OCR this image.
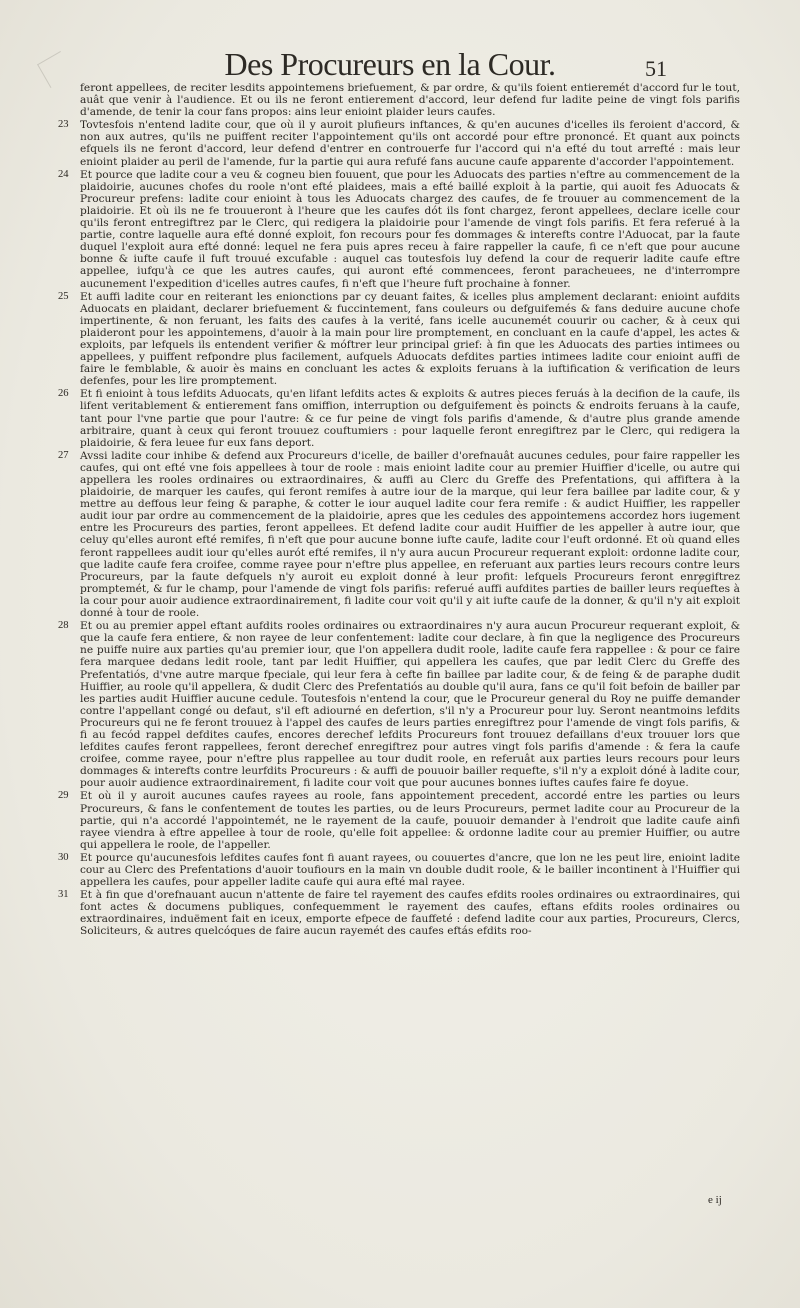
Des Procureurs en la Cour.	51

feront appellees, de reciter lesdits appointemens briefuement, & par ordre, & qu'ils foient entieremét d'accord fur le tout, auât que venir à l'audience. Et ou ils ne feront entierement d'accord, leur defend fur ladite peine de vingt fols parifis d'amende, de tenir la cour fans propos: ains leur enioint plaider leurs caufes.

23 Tovtesfois n'entend ladite cour, que où il y auroit plufieurs inftances, & qu'en aucunes d'icelles ils feroient d'accord, & non aux autres, qu'ils ne puiffent reciter l'appointement qu'ils ont accordé pour eftre prononcé. Et quant aux poincts efquels ils ne feront d'accord, leur defend d'entrer en controuerfe fur l'accord qui n'a efté du tout arrefté : mais leur enioint plaider au peril de l'amende, fur la partie qui aura refufé fans aucune caufe apparente d'accorder l'appointement.

24 Et pource que ladite cour a veu & cogneu bien fouuent, que pour les Aduocats des parties n'eftre au commencement de la plaidoirie, aucunes chofes du roole n'ont efté plaidees, mais a efté baillé exploit à la partie, qui auoit fes Aduocats & Procureur prefens: ladite cour enioint à tous les Aduocats chargez des caufes, de fe trouuer au commencement de la plaidoirie. Et où ils ne fe trouueront à l'heure que les caufes dót ils font chargez, feront appellees, declare icelle cour qu'ils feront entregiftrez par le Clerc, qui redigera la plaidoirie pour l'amende de vingt fols parifis. Et fera referué à la partie, contre laquelle aura efté donné exploit, fon recours pour fes dommages & interefts contre l'Aduocat, par la faute duquel l'exploit aura efté donné: lequel ne fera puis apres receu à faire rappeller la caufe, fi ce n'eft que pour aucune bonne & iufte caufe il fuft trouué excufable : auquel cas toutesfois luy defend la cour de requerir ladite caufe eftre appellee, iufqu'à ce que les autres caufes, qui auront efté commencees, feront paracheuees, ne d'interrompre aucunement l'expedition d'icelles autres caufes, fi n'eft que l'heure fuft prochaine à fonner.

25 Et auffi ladite cour en reiterant les enionctions par cy deuant faites, & icelles plus amplement declarant: enioint aufdits Aduocats en plaidant, declarer briefuement & fuccintement, fans couleurs ou defguifemés & fans deduire aucune chofe impertinente, & non feruant, les faits des caufes à la verité, fans icelle aucunemét couurir ou cacher, & à ceux qui plaideront pour les appointemens, d'auoir à la main pour lire promptement, en concluant en la caufe d'appel, les actes & exploits, par lefquels ils entendent verifier & móftrer leur principal grief: à fin que les Aduocats des parties intimees ou appellees, y puiffent refpondre plus facilement, aufquels Aduocats defdites parties intimees ladite cour enioint auffi de faire le femblable, & auoir ès mains en concluant les actes & exploits feruans à la iuftification & verification de leurs defenfes, pour les lire promptement.

26 Et fi enioint à tous lefdits Aduocats, qu'en lifant lefdits actes & exploits & autres pieces feruás à la decifion de la caufe, ils lifent veritablement & entierement fans omiffion, interruption ou defguifement ès poincts & endroits feruans à la caufe, tant pour l'vne partie que pour l'autre: & ce fur peine de vingt fols parifis d'amende, & d'autre plus grande amende arbitraire, quant à ceux qui feront trouuez couftumiers : pour laquelle feront enregiftrez par le Clerc, qui redigera la plaidoirie, & fera leuee fur eux fans deport.

27 Avssi ladite cour inhibe & defend aux Procureurs d'icelle, de bailler d'orefnauât aucunes cedules, pour faire rappeller les caufes, qui ont efté vne fois appellees à tour de roole : mais enioint ladite cour au premier Huiffier d'icelle, ou autre qui appellera les rooles ordinaires ou extraordinaires, & auffi au Clerc du Greffe des Prefentations, qui affiftera à la plaidoirie, de marquer les caufes, qui feront remifes à autre iour de la marque, qui leur fera baillee par ladite cour, & y mettre au deffous leur feing & paraphe, & cotter le iour auquel ladite cour fera remife : & audict Huiffier, les rappeller audit iour par ordre au commencement de la plaidoirie, apres que les cedules des appointemens accordez hors iugement entre les Procureurs des parties, feront appellees. Et defend ladite cour audit Huiffier de les appeller à autre iour, que celuy qu'elles auront efté remifes, fi n'eft que pour aucune bonne iufte caufe, ladite cour l'euft ordonné. Et où quand elles feront rappellees audit iour qu'elles aurót efté remifes, il n'y aura aucun Procureur requerant exploit: ordonne ladite cour, que ladite caufe fera croifee, comme rayee pour n'eftre plus appellee, en referuant aux parties leurs recours contre leurs Procureurs, par la faute defquels n'y auroit eu exploit donné à leur profit: lefquels Procureurs feront enregiftrez promptemét, & fur le champ, pour l'amende de vingt fols parifis: referué auffi aufdites parties de bailler leurs requeftes à la cour pour auoir audience extraordinairement, fi ladite cour voit qu'il y ait iufte caufe de la donner, & qu'il n'y ait exploit donné à tour de roole.

28 Et ou au premier appel eftant aufdits rooles ordinaires ou extraordinaires n'y aura aucun Procureur requerant exploit, & que la caufe fera entiere, & non rayee de leur confentement: ladite cour declare, à fin que la negligence des Procureurs ne puiffe nuire aux parties qu'au premier iour, que l'on appellera dudit roole, ladite caufe fera rappellee : & pour ce faire fera marquee dedans ledit roole, tant par ledit Huiffier, qui appellera les caufes, que par ledit Clerc du Greffe des Prefentatiós, d'vne autre marque fpeciale, qui leur fera à cefte fin baillee par ladite cour, & de feing & de paraphe dudit Huiffier, au roole qu'il appellera, & dudit Clerc des Prefentatiós au double qu'il aura, fans ce qu'il foit befoin de bailler par les parties audit Huiffier aucune cedule. Toutesfois n'entend la cour, que le Procureur general du Roy ne puiffe demander contre l'appellant congé ou defaut, s'il eft adiourné en defertion, s'il n'y a Procureur pour luy. Seront neantmoins lefdits Procureurs qui ne fe feront trouuez à l'appel des caufes de leurs parties enregiftrez pour l'amende de vingt fols parifis, & fi au fecód rappel defdites caufes, encores derechef lefdits Procureurs font trouuez defaillans d'eux trouuer lors que lefdites caufes feront rappellees, feront derechef enregiftrez pour autres vingt fols parifis d'amende : & fera la caufe croifee, comme rayee, pour n'eftre plus rappellee au tour dudit roole, en referuât aux parties leurs recours pour leurs dommages & interefts contre leurfdits Procureurs : & auffi de pouuoir bailler requefte, s'il n'y a exploit dóné à ladite cour, pour auoir audience extraordinairement, fi ladite cour voit que pour aucunes bonnes iuftes caufes faire fe doyue.

29 Et où il y auroit aucunes caufes rayees au roole, fans appointement precedent, accordé entre les parties ou leurs Procureurs, & fans le confentement de toutes les parties, ou de leurs Procureurs, permet ladite cour au Procureur de la partie, qui n'a accordé l'appointemét, ne le rayement de la caufe, pouuoir demander à l'endroit que ladite caufe ainfi rayee viendra à eftre appellee à tour de roole, qu'elle foit appellee: & ordonne ladite cour au premier Huiffier, ou autre qui appellera le roole, de l'appeller.

30 Et pource qu'aucunesfois lefdites caufes font fi auant rayees, ou couuertes d'ancre, que lon ne les peut lire, enioint ladite cour au Clerc des Prefentations d'auoir toufiours en la main vn double dudit roole, & le bailler incontinent à l'Huiffier qui appellera les caufes, pour appeller ladite caufe qui aura efté mal rayee.

31 Et à fin que d'orefnauant aucun n'attente de faire tel rayement des caufes efdits rooles ordinaires ou extraordinaires, qui font actes & documens publiques, confequemment le rayement des caufes, eftans efdits rooles ordinaires ou extraordinaires, induëment fait en iceux, emporte efpece de fauffeté : defend ladite cour aux parties, Procureurs, Clercs, Soliciteurs, & autres quelcóques de faire aucun rayemét des caufes eftás efdits roo-

e ij
